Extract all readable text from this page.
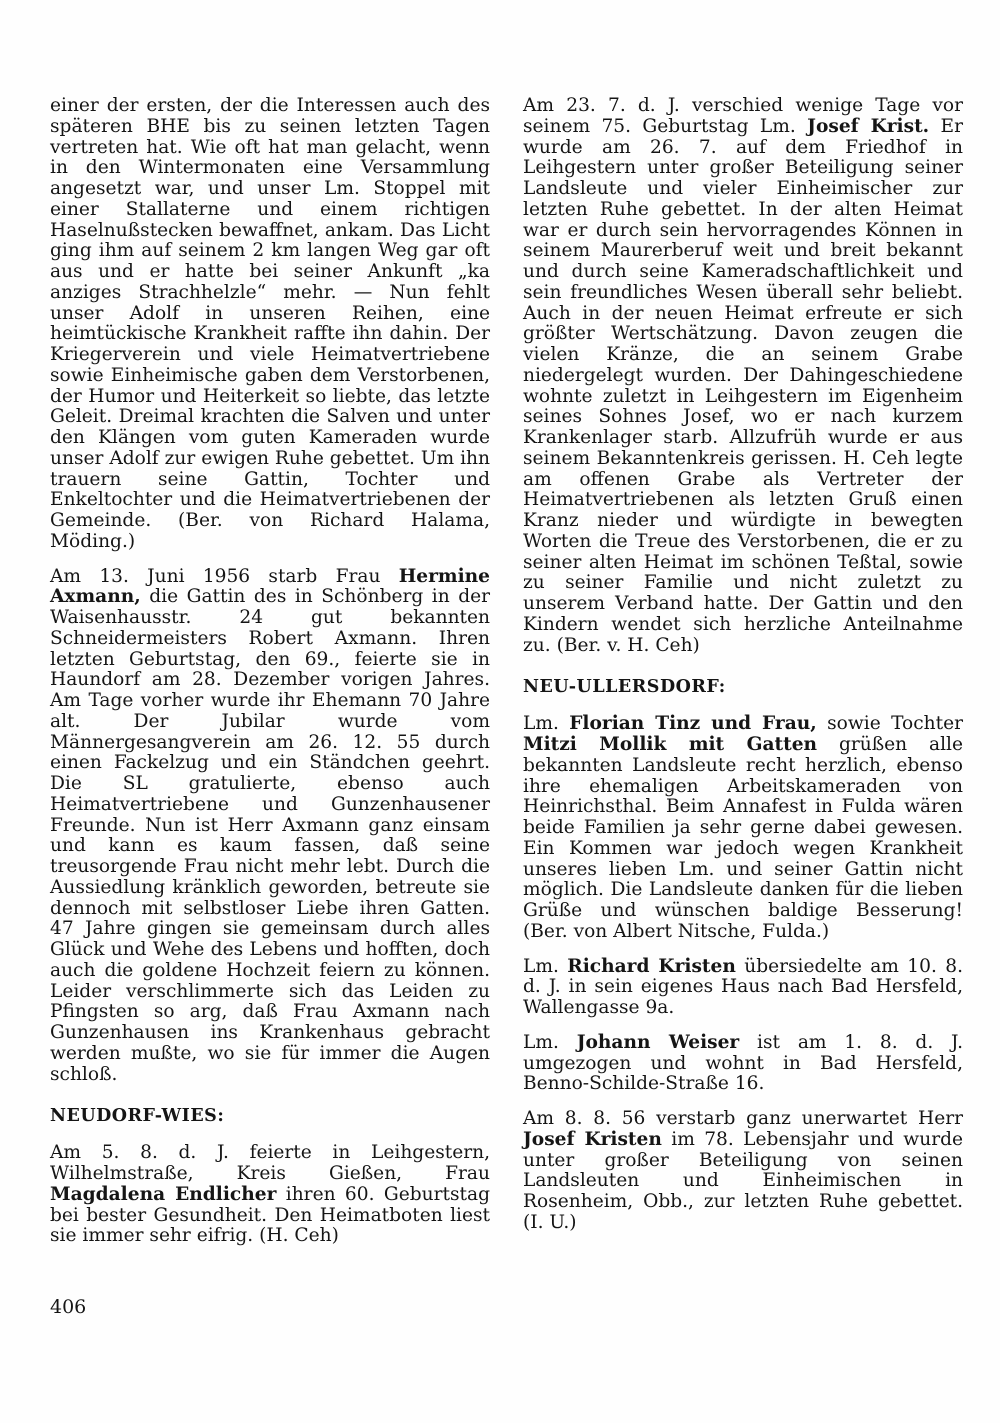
einer der ersten, der die Interessen auch des späteren BHE bis zu seinen letzten Tagen vertreten hat. Wie oft hat man gelacht, wenn in den Wintermonaten eine Versammlung angesetzt war, und unser Lm. Stoppel mit einer Stallaterne und einem richtigen Haselnußstecken bewaffnet, ankam. Das Licht ging ihm auf seinem 2 km langen Weg gar oft aus und er hatte bei seiner Ankunft „ka anziges Strachhelzle“ mehr. — Nun fehlt unser Adolf in unseren Reihen, eine heimtückische Krankheit raffte ihn dahin. Der Kriegerverein und viele Heimatvertriebene sowie Einheimische gaben dem Verstorbenen, der Humor und Heiterkeit so liebte, das letzte Geleit. Dreimal krachten die Salven und unter den Klängen vom guten Kameraden wurde unser Adolf zur ewigen Ruhe gebettet. Um ihn trauern seine Gattin, Tochter und Enkeltochter und die Heimatvertriebenen der Gemeinde. (Ber. von Richard Halama, Möding.)

Am 13. Juni 1956 starb Frau Hermine Axmann, die Gattin des in Schönberg in der Waisenhausstr. 24 gut bekannten Schneidermeisters Robert Axmann. Ihren letzten Geburtstag, den 69., feierte sie in Haundorf am 28. Dezember vorigen Jahres. Am Tage vorher wurde ihr Ehemann 70 Jahre alt. Der Jubilar wurde vom Männergesangverein am 26. 12. 55 durch einen Fackelzug und ein Ständchen geehrt. Die SL gratulierte, ebenso auch Heimatvertriebene und Gunzenhausener Freunde. Nun ist Herr Axmann ganz einsam und kann es kaum fassen, daß seine treusorgende Frau nicht mehr lebt. Durch die Aussiedlung kränklich geworden, betreute sie dennoch mit selbstloser Liebe ihren Gatten. 47 Jahre gingen sie gemeinsam durch alles Glück und Wehe des Lebens und hofften, doch auch die goldene Hochzeit feiern zu können. Leider verschlimmerte sich das Leiden zu Pfingsten so arg, daß Frau Axmann nach Gunzenhausen ins Krankenhaus gebracht werden mußte, wo sie für immer die Augen schloß.

NEUDORF-WIES:

Am 5. 8. d. J. feierte in Leihgestern, Wilhelmstraße, Kreis Gießen, Frau Magdalena Endlicher ihren 60. Geburtstag bei bester Gesundheit. Den Heimatboten liest sie immer sehr eifrig. (H. Ceh)

Am 23. 7. d. J. verschied wenige Tage vor seinem 75. Geburtstag Lm. Josef Krist. Er wurde am 26. 7. auf dem Friedhof in Leihgestern unter großer Beteiligung seiner Landsleute und vieler Einheimischer zur letzten Ruhe gebettet. In der alten Heimat war er durch sein hervorragendes Können in seinem Maurerberuf weit und breit bekannt und durch seine Kameradschaftlichkeit und sein freundliches Wesen überall sehr beliebt. Auch in der neuen Heimat erfreute er sich größter Wertschätzung. Davon zeugen die vielen Kränze, die an seinem Grabe niedergelegt wurden. Der Dahingeschiedene wohnte zuletzt in Leihgestern im Eigenheim seines Sohnes Josef, wo er nach kurzem Krankenlager starb. Allzufrüh wurde er aus seinem Bekanntenkreis gerissen. H. Ceh legte am offenen Grabe als Vertreter der Heimatvertriebenen als letzten Gruß einen Kranz nieder und würdigte in bewegten Worten die Treue des Verstorbenen, die er zu seiner alten Heimat im schönen Teßtal, sowie zu seiner Familie und nicht zuletzt zu unserem Verband hatte. Der Gattin und den Kindern wendet sich herzliche Anteilnahme zu. (Ber. v. H. Ceh)

NEU-ULLERSDORF:

Lm. Florian Tinz und Frau, sowie Tochter Mitzi Mollik mit Gatten grüßen alle bekannten Landsleute recht herzlich, ebenso ihre ehemaligen Arbeitskameraden von Heinrichsthal. Beim Annafest in Fulda wären beide Familien ja sehr gerne dabei gewesen. Ein Kommen war jedoch wegen Krankheit unseres lieben Lm. und seiner Gattin nicht möglich. Die Landsleute danken für die lieben Grüße und wünschen baldige Besserung! (Ber. von Albert Nitsche, Fulda.)

Lm. Richard Kristen übersiedelte am 10. 8. d. J. in sein eigenes Haus nach Bad Hersfeld, Wallengasse 9a.

Lm. Johann Weiser ist am 1. 8. d. J. umgezogen und wohnt in Bad Hersfeld, Benno-Schilde-Straße 16.

Am 8. 8. 56 verstarb ganz unerwartet Herr Josef Kristen im 78. Lebensjahr und wurde unter großer Beteiligung von seinen Landsleuten und Einheimischen in Rosenheim, Obb., zur letzten Ruhe gebettet. (I. U.)

406
